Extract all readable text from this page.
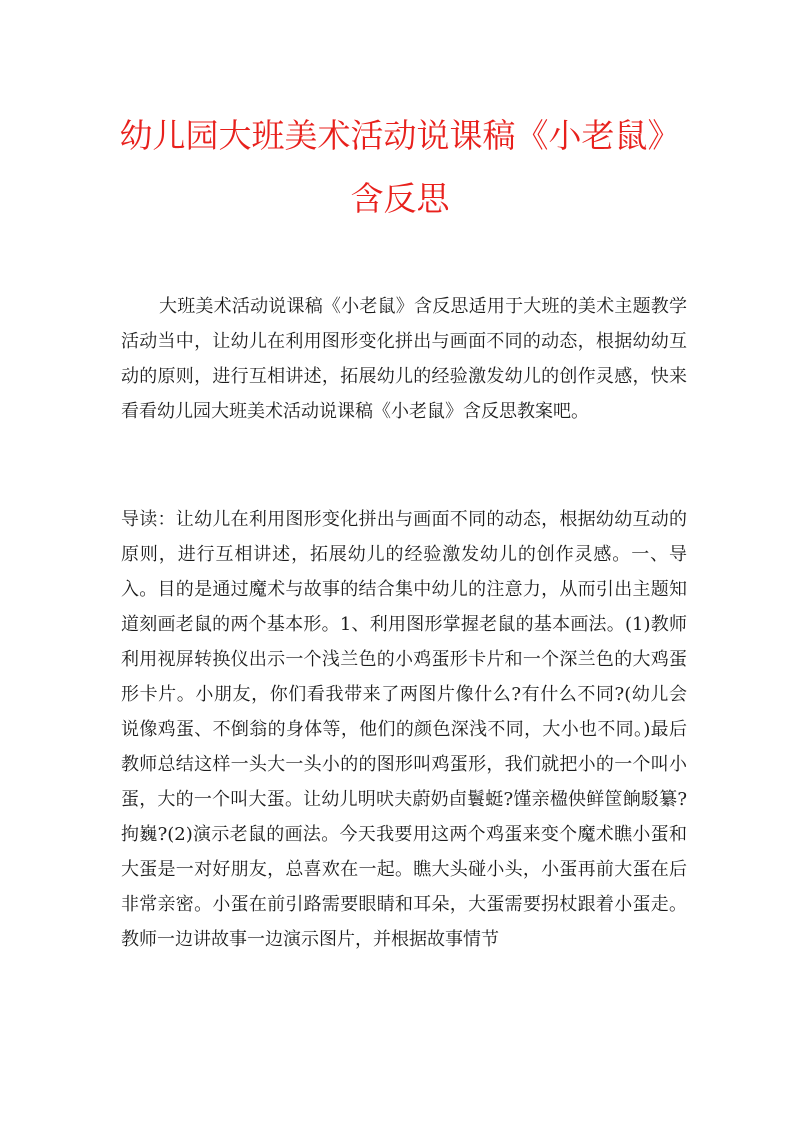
幼儿园大班美术活动说课稿《小老鼠》含反思

大班美术活动说课稿《小老鼠》含反思适用于大班的美术主题教学活动当中，让幼儿在利用图形变化拼出与画面不同的动态，根据幼幼互动的原则，进行互相讲述，拓展幼儿的经验激发幼儿的创作灵感，快来看看幼儿园大班美术活动说课稿《小老鼠》含反思教案吧。

导读：让幼儿在利用图形变化拼出与画面不同的动态，根据幼幼互动的原则，进行互相讲述，拓展幼儿的经验激发幼儿的创作灵感。一、导入。目的是通过魔术与故事的结合集中幼儿的注意力，从而引出主题知道刻画老鼠的两个基本形。1、利用图形掌握老鼠的基本画法。(1)教师利用视屏转换仪出示一个浅兰色的小鸡蛋形卡片和一个深兰色的大鸡蛋形卡片。小朋友，你们看我带来了两图片像什么?有什么不同?(幼儿会说像鸡蛋、不倒翁的身体等，他们的颜色深浅不同，大小也不同。)最后教师总结这样一头大一头小的的图形叫鸡蛋形，我们就把小的一个叫小蛋，大的一个叫大蛋。让幼儿明吠夫蔚奶卣鬟蜓?馑亲楹佒鲜筐餉駁纂?拘巍?(2)演示老鼠的画法。今天我要用这两个鸡蛋来变个魔术瞧小蛋和大蛋是一对好朋友，总喜欢在一起。瞧大头碰小头，小蛋再前大蛋在后非常亲密。小蛋在前引路需要眼睛和耳朵，大蛋需要拐杖跟着小蛋走。教师一边讲故事一边演示图片，并根据故事情节
